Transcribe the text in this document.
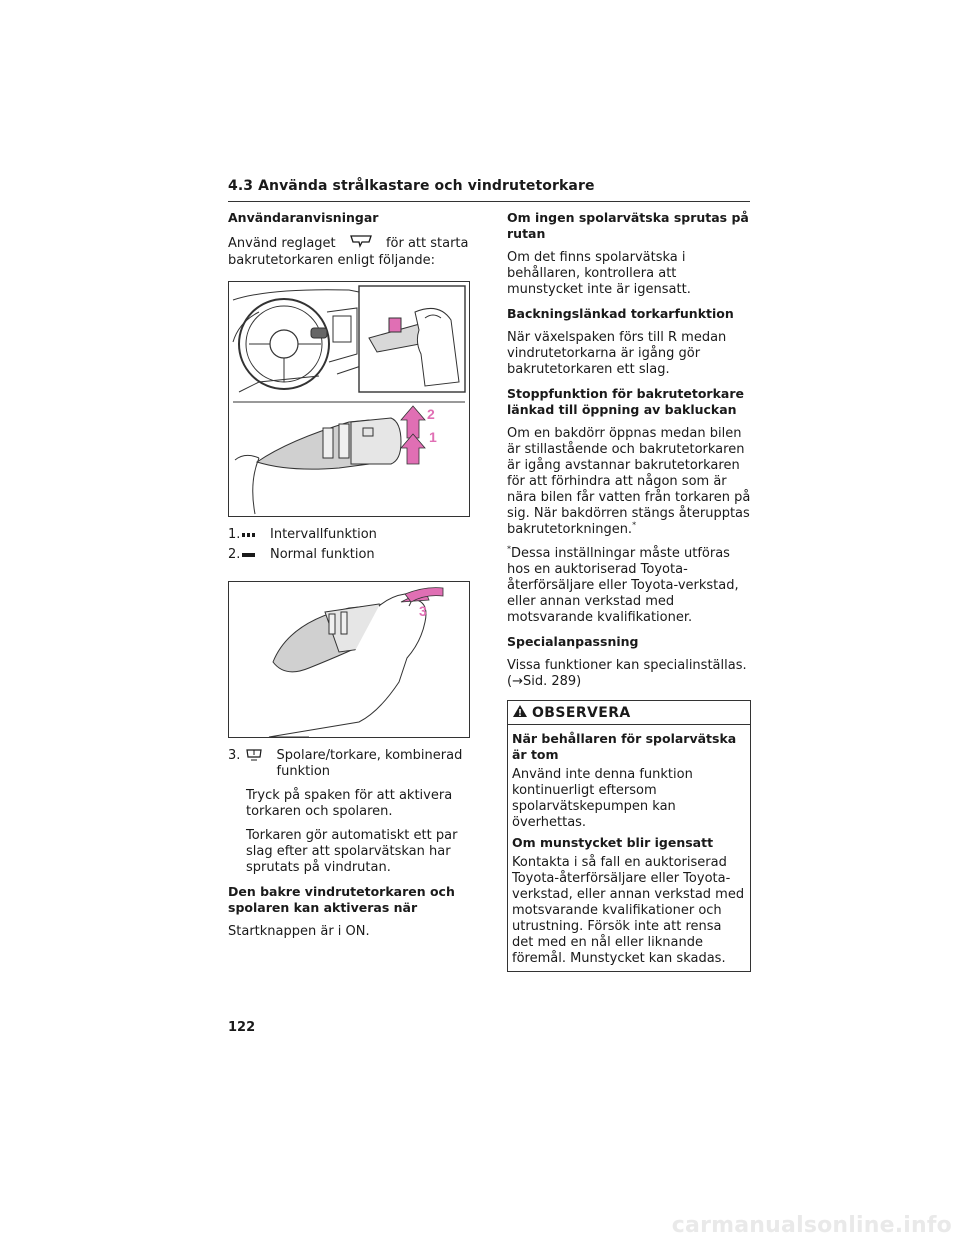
4.3 Använda strålkastare och vindrutetorkare
Användaranvisningar
Använd reglaget	för att starta bakrutetorkaren enligt följande:
2
1
1. Intervallfunktion
2. Normal funktion
3
3.	Spolare/torkare, kombinerad funktion
Tryck på spaken för att aktivera torkaren och spolaren.
Torkaren gör automatiskt ett par slag efter att spolarvätskan har sprutats på vindrutan.
Den bakre vindrutetorkaren och spolaren kan aktiveras när
Startknappen är i ON.
Om ingen spolarvätska sprutas på rutan
Om det finns spolarvätska i behållaren, kontrollera att munstycket inte är igensatt.
Backningslänkad torkarfunktion
När växelspaken förs till R medan vindrutetorkarna är igång gör bakrutetorkaren ett slag.
Stoppfunktion för bakrutetorkare länkad till öppning av bakluckan
Om en bakdörr öppnas medan bilen är stillastående och bakrutetorkaren är igång avstannar bakrutetorkaren för att förhindra att någon som är nära bilen får vatten från torkaren på sig. När bakdörren stängs återupptas bakrutetorkningen.*
*Dessa inställningar måste utföras hos en auktoriserad Toyota-återförsäljare eller Toyota-verkstad, eller annan verkstad med motsvarande kvalifikationer.
Specialanpassning
Vissa funktioner kan specialinställas. (→Sid. 289)
OBSERVERA
När behållaren för spolarvätska är tom
Använd inte denna funktion kontinuerligt eftersom spolarvätskepumpen kan överhettas.
Om munstycket blir igensatt
Kontakta i så fall en auktoriserad Toyota-återförsäljare eller Toyota-verkstad, eller annan verkstad med motsvarande kvalifikationer och utrustning. Försök inte att rensa det med en nål eller liknande föremål. Munstycket kan skadas.
122
carmanualsonline.info
